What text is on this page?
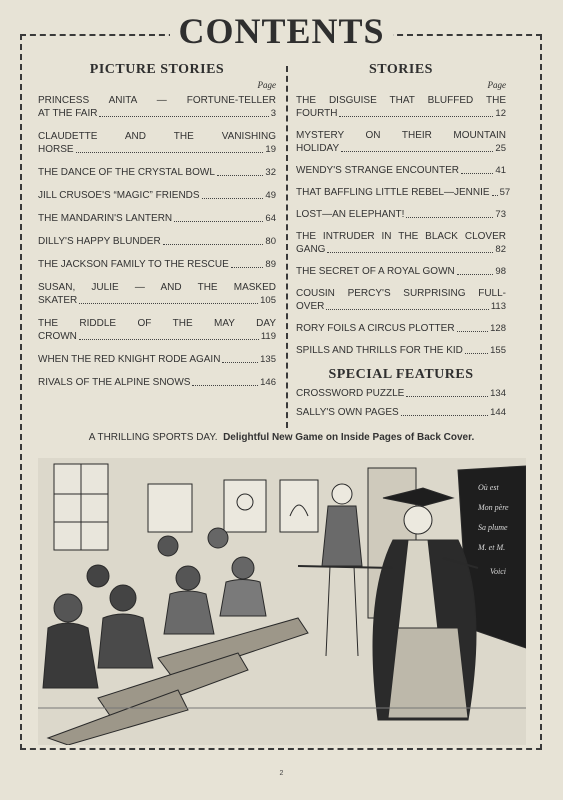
CONTENTS
PICTURE STORIES
Page
PRINCESS ANITA — FORTUNE-TELLER
AT THE FAIR	3
CLAUDETTE AND THE VANISHING
HORSE	19
THE DANCE OF THE CRYSTAL BOWL	32
JILL CRUSOE'S “MAGIC” FRIENDS	49
THE MANDARIN'S LANTERN	64
DILLY'S HAPPY BLUNDER	80
THE JACKSON FAMILY TO THE RESCUE	89
SUSAN, JULIE — AND THE MASKED
SKATER	105
THE RIDDLE OF THE MAY DAY
CROWN	119
WHEN THE RED KNIGHT RODE AGAIN	135
RIVALS OF THE ALPINE SNOWS	146
STORIES
Page
THE DISGUISE THAT BLUFFED THE
FOURTH	12
MYSTERY ON THEIR MOUNTAIN
HOLIDAY	25
WENDY'S STRANGE ENCOUNTER	41
THAT BAFFLING LITTLE REBEL—JENNIE 57
LOST—AN ELEPHANT!	73
THE INTRUDER IN THE BLACK CLOVER
GANG	82
THE SECRET OF A ROYAL GOWN	98
COUSIN PERCY'S SURPRISING FULL-
OVER	113
RORY FOILS A CIRCUS PLOTTER	128
SPILLS AND THRILLS FOR THE KID	155
SPECIAL FEATURES
CROSSWORD PUZZLE	134
SALLY'S OWN PAGES	144
A THRILLING SPORTS DAY. Delightful New Game on Inside Pages of Back Cover.
Où est
Mon père
Sa plume
M. et M.
Voici
2
